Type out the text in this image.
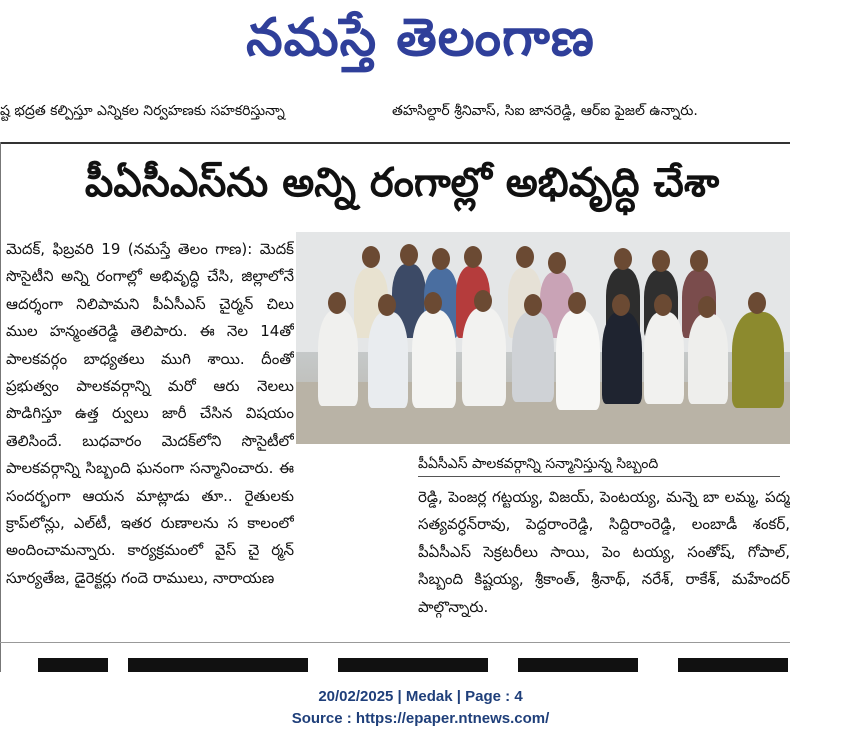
నమస్తే తెలంగాణ
ష్ట భద్రత కల్పిస్తూ ఎన్నికల నిర్వహణకు సహకరిస్తున్నా	తహసిల్దార్ శ్రీనివాస్, సిఐ జానరెడ్డి, ఆర్ఐ ఫైజల్ ఉన్నారు.
పీఏసీఎస్‌ను అన్ని రంగాల్లో అభివృద్ధి చేశా
మెదక్, ఫిబ్రవరి 19 (నమస్తే తెలం గాణ): మెదక్ సొసైటీని అన్ని రంగాల్లో అభివృద్ధి చేసి, జిల్లాలోనే ఆదర్శంగా నిలిపామని పీఏసీఎస్ చైర్మన్ చిలు ముల హన్మంతరెడ్డి తెలిపారు. ఈ నెల 14తో పాలకవర్గం బాధ్యతలు ముగి శాయి. దీంతో ప్రభుత్వం పాలకవర్గాన్ని మరో ఆరు నెలలు పొడిగిస్తూ ఉత్త ర్వులు జారీ చేసిన విషయం తెలిసిందే. బుధవారం మెదక్‌లోని సొసైటీలో పాలకవర్గాన్ని సిబ్బంది ఘనంగా సన్మానించారు. ఈ సందర్భంగా ఆయన మాట్లాడు తూ.. రైతులకు క్రాప్‌లోన్లు, ఎల్‌టీ, ఇతర రుణాలను స కాలంలో అందించామన్నారు. కార్యక్రమంలో వైస్ చై ర్మన్ సూర్యతేజ, డైరెక్టర్లు గందె రాములు, నారాయణ
పీఏసీఎస్ పాలకవర్గాన్ని సన్మానిస్తున్న సిబ్బంది
రెడ్డి, పెంజర్ల గట్టయ్య, విజయ్, పెంటయ్య, మన్నె బా లమ్మ, పద్మ సత్యవర్ధన్‌రావు, పెద్దరాంరెడ్డి, సిద్దిరాంరెడ్డి, లంబాడీ శంకర్, పీఏసీఎస్ సెక్రటరీలు సాయి, పెం టయ్య, సంతోష్, గోపాల్, సిబ్బంది కిష్టయ్య, శ్రీకాంత్, శ్రీనాథ్, నరేశ్, రాకేశ్, మహేందర్ పాల్గొన్నారు.
20/02/2025 | Medak | Page : 4
Source : https://epaper.ntnews.com/
